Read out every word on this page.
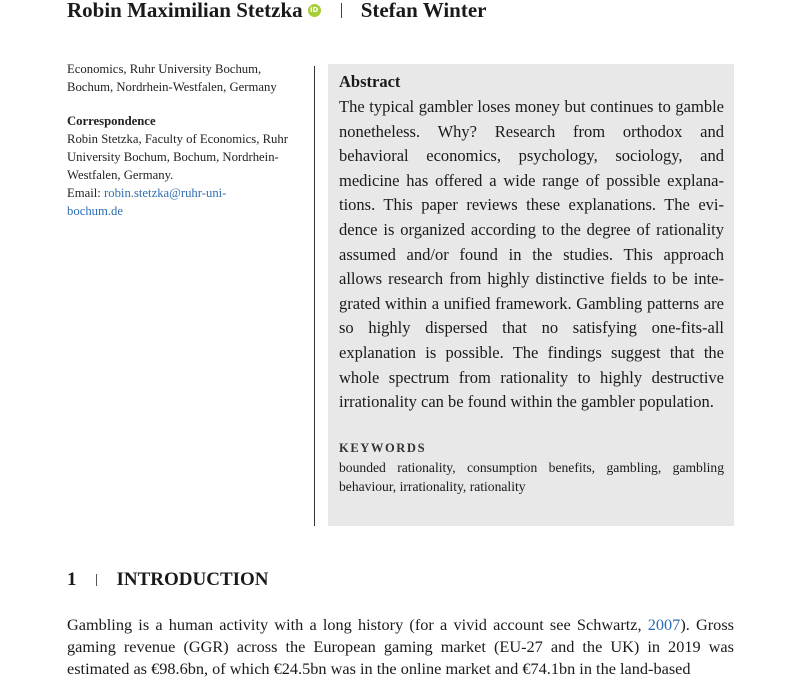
Robin Maximilian Stetzka	iD Stefan Winter
Economics, Ruhr University Bochum,
Bochum, Nordrhein-Westfalen, Germany
Correspondence
Robin Stetzka, Faculty of Economics, Ruhr
University Bochum, Bochum, Nordrhein-
Westfalen, Germany.
Email: robin.stetzka@ruhr-uni-
bochum.de
Abstract

The typical gambler loses money but continues to gamble nonetheless. Why? Research from orthodox and behavioral economics, psychology, sociology, and medicine has offered a wide range of possible explanations. This paper reviews these explanations. The evidence is organized according to the degree of rationality assumed and/or found in the studies. This approach allows research from highly distinctive fields to be integrated within a unified framework. Gambling patterns are so highly dispersed that no satisfying one-fits-all explanation is possible. The findings suggest that the whole spectrum from rationality to highly destructive irrationality can be found within the gambler population.

KEYWORDS
bounded rationality, consumption benefits, gambling, gambling behaviour, irrationality, rationality
1 INTRODUCTION

Gambling is a human activity with a long history (for a vivid account see Schwartz, 2007). Gross gaming revenue (GGR) across the European gaming market (EU-27 and the UK) in 2019 was estimated as €98.6bn, of which €24.5bn was in the online market and €74.1bn in the land-based
